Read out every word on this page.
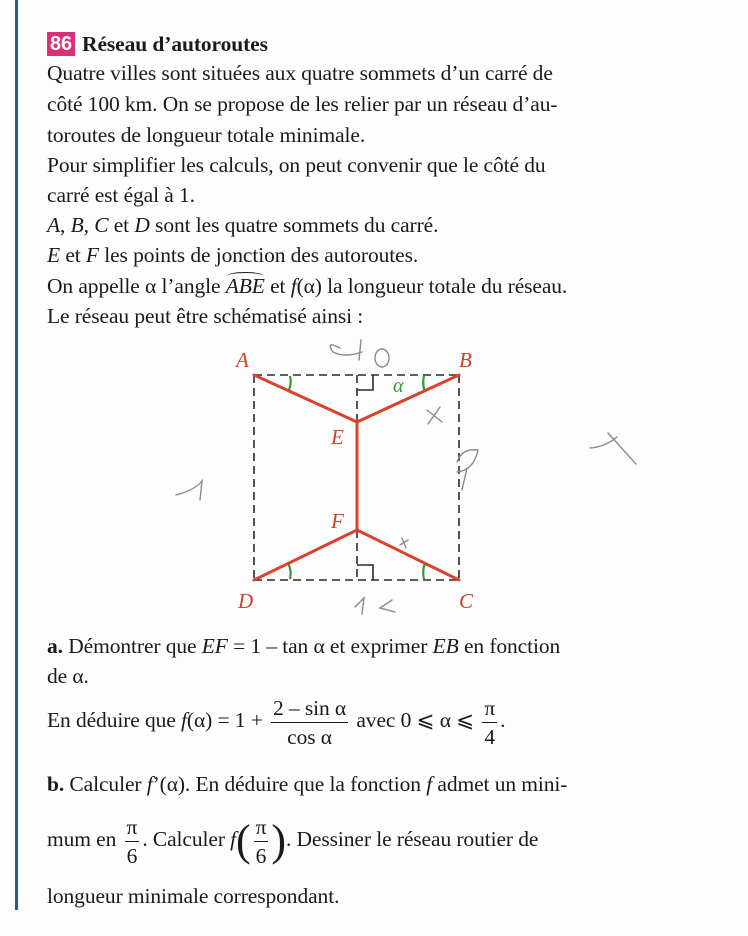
A	B
C
D
E
F
α
86 Réseau d’autoroutes
Quatre villes sont situées aux quatre sommets d’un carré de
côté 100 km. On se propose de les relier par un réseau d’au-
toroutes de longueur totale minimale.
Pour simplifier les calculs, on peut convenir que le côté du
carré est égal à 1.
A, B, C et D sont les quatre sommets du carré.
E et F les points de jonction des autoroutes.
On appelle α l’angle ABE et f(α) la longueur totale du réseau.
Le réseau peut être schématisé ainsi :
a. Démontrer que EF = 1 – tan α et exprimer EB en fonction
de α.
En déduire que $f(\alpha) = 1 + \frac{\text{2 – sin α}}{\text{cos α}}$ avec 0 ⩽ α ⩽ $\frac{\pi}{4}$ .
b. Calculer f’(α). En déduire que la fonction f admet un mini-
mum en $\frac{\pi}{6}$ . Calculer $f( \frac{\pi}{6}$ ). Dessiner le réseau routier de
longueur minimale correspondant.
